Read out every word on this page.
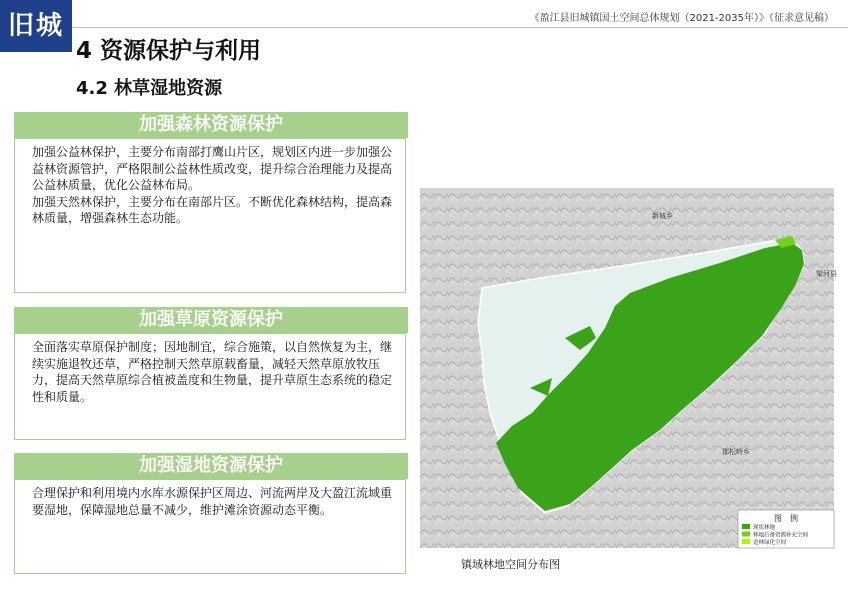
旧城	《盈江县旧城镇国土空间总体规划（2021-2035年）》（征求意见稿）
4 资源保护与利用
4.2 林草湿地资源
加强森林资源保护

加强公益林保护，主要分布南部打鹰山片区，规划区内进一步加强公益林资源管护，严格限制公益林性质改变，提升综合治理能力及提高公益林质量，优化公益林布局。

加强天然林保护，主要分布在南部片区。不断优化森林结构，提高森林质量，增强森林生态功能。

加强草原资源保护

全面落实草原保护制度；因地制宜，综合施策，以自然恢复为主，继续实施退牧还草，严格控制天然草原载畜量，减轻天然草原放牧压力，提高天然草原综合植被盖度和生物量，提升草原生态系统的稳定性和质量。

加强湿地资源保护

合理保护和利用境内水库水源保护区周边、河流两岸及大盈江流域重要湿地，保障湿地总量不减少，维护滩涂资源动态平衡。

新城乡
梁河县
那松岭乡
图　例
现状林地
林地后备资源补充空间
造林绿化空间
镇域林地空间分布图
